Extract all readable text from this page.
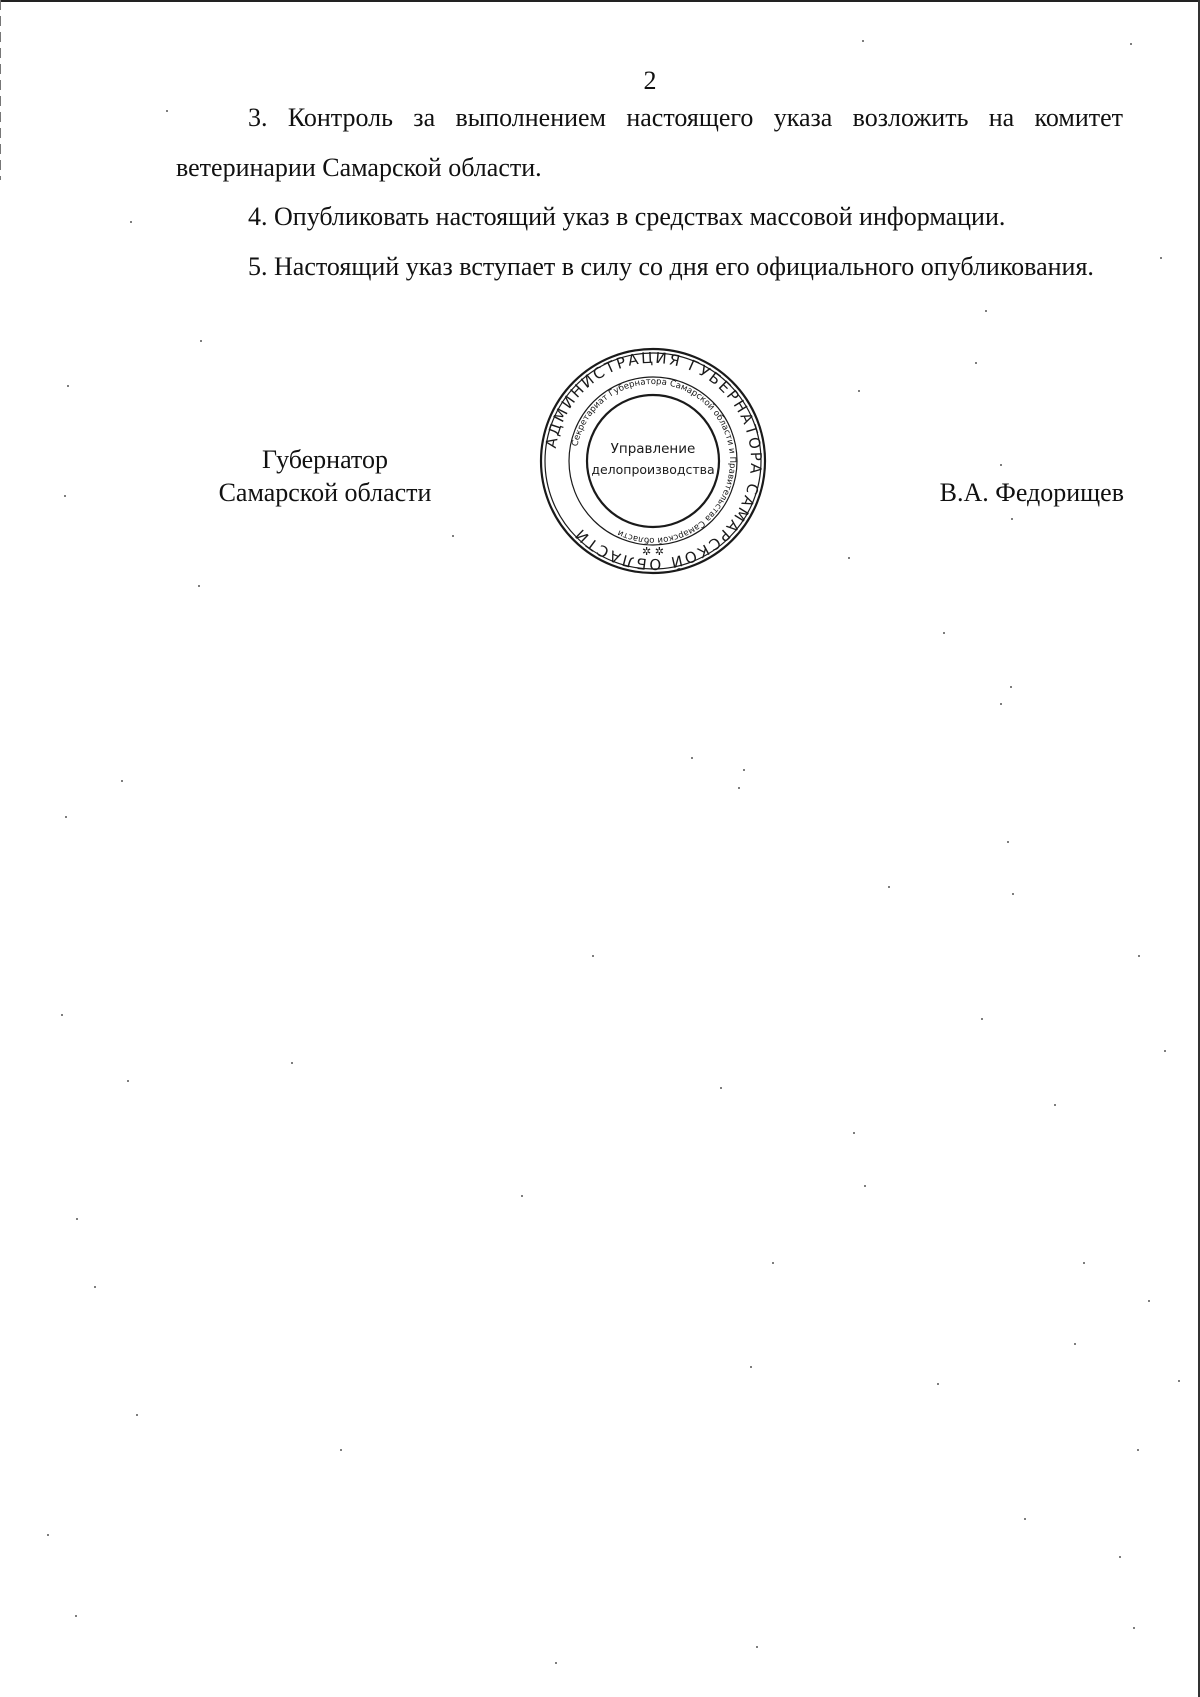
2

3. Контроль за выполнением настоящего указа возложить на комитет ветеринарии Самарской области.

4. Опубликовать настоящий указ в средствах массовой информации.

5. Настоящий указ вступает в силу со дня его официального опубликования.

Губернатор
Самарской области
АДМИНИСТРАЦИЯ ГУБЕРНАТОРА САМАРСКОЙ ОБЛАСТИ
Секретариат Губернатора Самарской области и Правительства Самарской области
✲ ✲
Управление
делопроизводства
В.А. Федорищев
